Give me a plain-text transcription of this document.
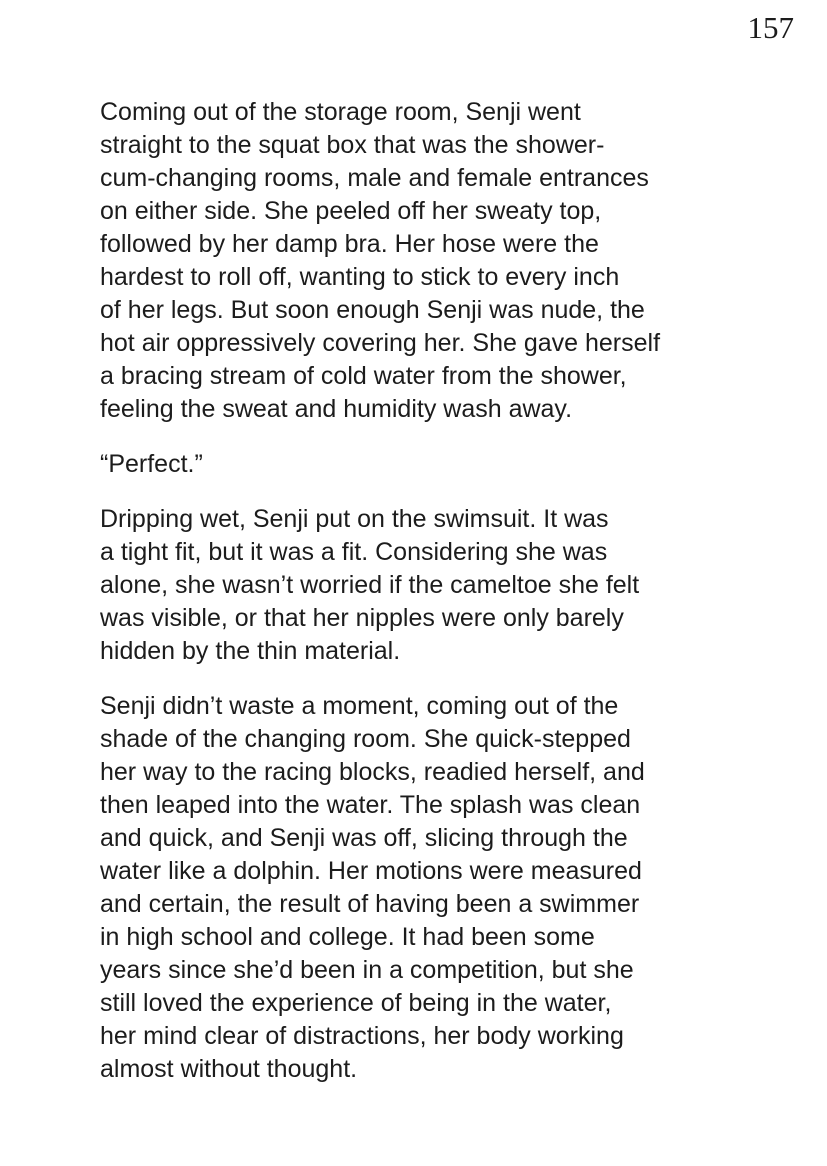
157

Coming out of the storage room, Senji went
straight to the squat box that was the shower-
cum-changing rooms, male and female entrances
on either side. She peeled off her sweaty top,
followed by her damp bra. Her hose were the
hardest to roll off, wanting to stick to every inch
of her legs. But soon enough Senji was nude, the
hot air oppressively covering her. She gave herself
a bracing stream of cold water from the shower,
feeling the sweat and humidity wash away.

“Perfect.”

Dripping wet, Senji put on the swimsuit. It was
a tight fit, but it was a fit. Considering she was
alone, she wasn’t worried if the cameltoe she felt
was visible, or that her nipples were only barely
hidden by the thin material.

Senji didn’t waste a moment, coming out of the
shade of the changing room. She quick-stepped
her way to the racing blocks, readied herself, and
then leaped into the water. The splash was clean
and quick, and Senji was off, slicing through the
water like a dolphin. Her motions were measured
and certain, the result of having been a swimmer
in high school and college. It had been some
years since she’d been in a competition, but she
still loved the experience of being in the water,
her mind clear of distractions, her body working
almost without thought.
